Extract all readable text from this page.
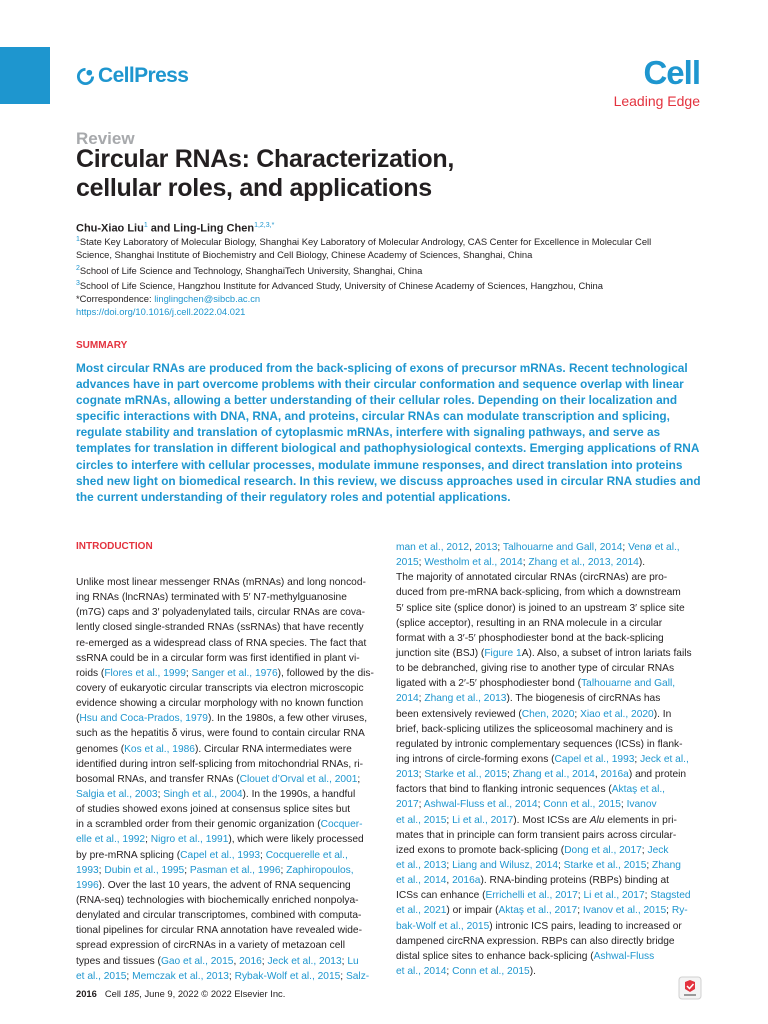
CellPress	Cell
Leading Edge
Review
Circular RNAs: Characterization,
cellular roles, and applications
Chu-Xiao Liu$^1$ and Ling-Ling Chen$^{1,2,3,*}$

$^1$State Key Laboratory of Molecular Biology, Shanghai Key Laboratory of Molecular Andrology, CAS Center for Excellence in Molecular Cell

Science, Shanghai Institute of Biochemistry and Cell Biology, Chinese Academy of Sciences, Shanghai, China

$^2$School of Life Science and Technology, ShanghaiTech University, Shanghai, China

$^3$School of Life Science, Hangzhou Institute for Advanced Study, University of Chinese Academy of Sciences, Hangzhou, China

*Correspondence: linglingchen@sibcb.ac.cn

https://doi.org/10.1016/j.cell.2022.04.021

SUMMARY

Most circular RNAs are produced from the back-splicing of exons of precursor mRNAs. Recent technological advances have in part overcome problems with their circular conformation and sequence overlap with linear cognate mRNAs, allowing a better understanding of their cellular roles. Depending on their localization and specific interactions with DNA, RNA, and proteins, circular RNAs can modulate transcription and splicing, regulate stability and translation of cytoplasmic mRNAs, interfere with signaling pathways, and serve as templates for translation in different biological and pathophysiological contexts. Emerging applications of RNA circles to interfere with cellular processes, modulate immune responses, and direct translation into proteins shed new light on biomedical research. In this review, we discuss approaches used in circular RNA studies and the current understanding of their regulatory roles and potential applications.

INTRODUCTION
Unlike most linear messenger RNAs (mRNAs) and long noncod-
ing RNAs (lncRNAs) terminated with 5′ N7-methylguanosine
(m7G) caps and 3′ polyadenylated tails, circular RNAs are cova-
lently closed single-stranded RNAs (ssRNAs) that have recently
re-emerged as a widespread class of RNA species. The fact that
ssRNA could be in a circular form was first identified in plant vi-
roids (Flores et al., 1999; Sanger et al., 1976), followed by the dis-
covery of eukaryotic circular transcripts via electron microscopic
evidence showing a circular morphology with no known function
(Hsu and Coca-Prados, 1979). In the 1980s, a few other viruses,
such as the hepatitis δ virus, were found to contain circular RNA
genomes (Kos et al., 1986). Circular RNA intermediates were
identified during intron self-splicing from mitochondrial RNAs, ri-
bosomal RNAs, and transfer RNAs (Clouet d’Orval et al., 2001;
Salgia et al., 2003; Singh et al., 2004). In the 1990s, a handful
of studies showed exons joined at consensus splice sites but
in a scrambled order from their genomic organization (Cocquer-
elle et al., 1992; Nigro et al., 1991), which were likely processed
by pre-mRNA splicing (Capel et al., 1993; Cocquerelle et al.,
1993; Dubin et al., 1995; Pasman et al., 1996; Zaphiropoulos,
1996). Over the last 10 years, the advent of RNA sequencing
(RNA-seq) technologies with biochemically enriched nonpolya-
denylated and circular transcriptomes, combined with computa-
tional pipelines for circular RNA annotation have revealed wide-
spread expression of circRNAs in a variety of metazoan cell
types and tissues (Gao et al., 2015, 2016; Jeck et al., 2013; Lu
et al., 2015; Memczak et al., 2013; Rybak-Wolf et al., 2015; Salz-
man et al., 2012, 2013; Talhouarne and Gall, 2014; Venø et al.,
2015; Westholm et al., 2014; Zhang et al., 2013, 2014).
The majority of annotated circular RNAs (circRNAs) are pro-
duced from pre-mRNA back-splicing, from which a downstream
5′ splice site (splice donor) is joined to an upstream 3′ splice site
(splice acceptor), resulting in an RNA molecule in a circular
format with a 3′-5′ phosphodiester bond at the back-splicing
junction site (BSJ) (Figure 1A). Also, a subset of intron lariats fails
to be debranched, giving rise to another type of circular RNAs
ligated with a 2′-5′ phosphodiester bond (Talhouarne and Gall,
2014; Zhang et al., 2013). The biogenesis of circRNAs has
been extensively reviewed (Chen, 2020; Xiao et al., 2020). In
brief, back-splicing utilizes the spliceosomal machinery and is
regulated by intronic complementary sequences (ICSs) in flank-
ing introns of circle-forming exons (Capel et al., 1993; Jeck et al.,
2013; Starke et al., 2015; Zhang et al., 2014, 2016a) and protein
factors that bind to flanking intronic sequences (Aktaş et al.,
2017; Ashwal-Fluss et al., 2014; Conn et al., 2015; Ivanov
et al., 2015; Li et al., 2017). Most ICSs are Alu elements in pri-
mates that in principle can form transient pairs across circular-
ized exons to promote back-splicing (Dong et al., 2017; Jeck
et al., 2013; Liang and Wilusz, 2014; Starke et al., 2015; Zhang
et al., 2014, 2016a). RNA-binding proteins (RBPs) binding at
ICSs can enhance (Errichelli et al., 2017; Li et al., 2017; Stagsted
et al., 2021) or impair (Aktaş et al., 2017; Ivanov et al., 2015; Ry-
bak-Wolf et al., 2015) intronic ICS pairs, leading to increased or
dampened circRNA expression. RBPs can also directly bridge
distal splice sites to enhance back-splicing (Ashwal-Fluss
et al., 2014; Conn et al., 2015).
2016 Cell 185, June 9, 2022 © 2022 Elsevier Inc.
